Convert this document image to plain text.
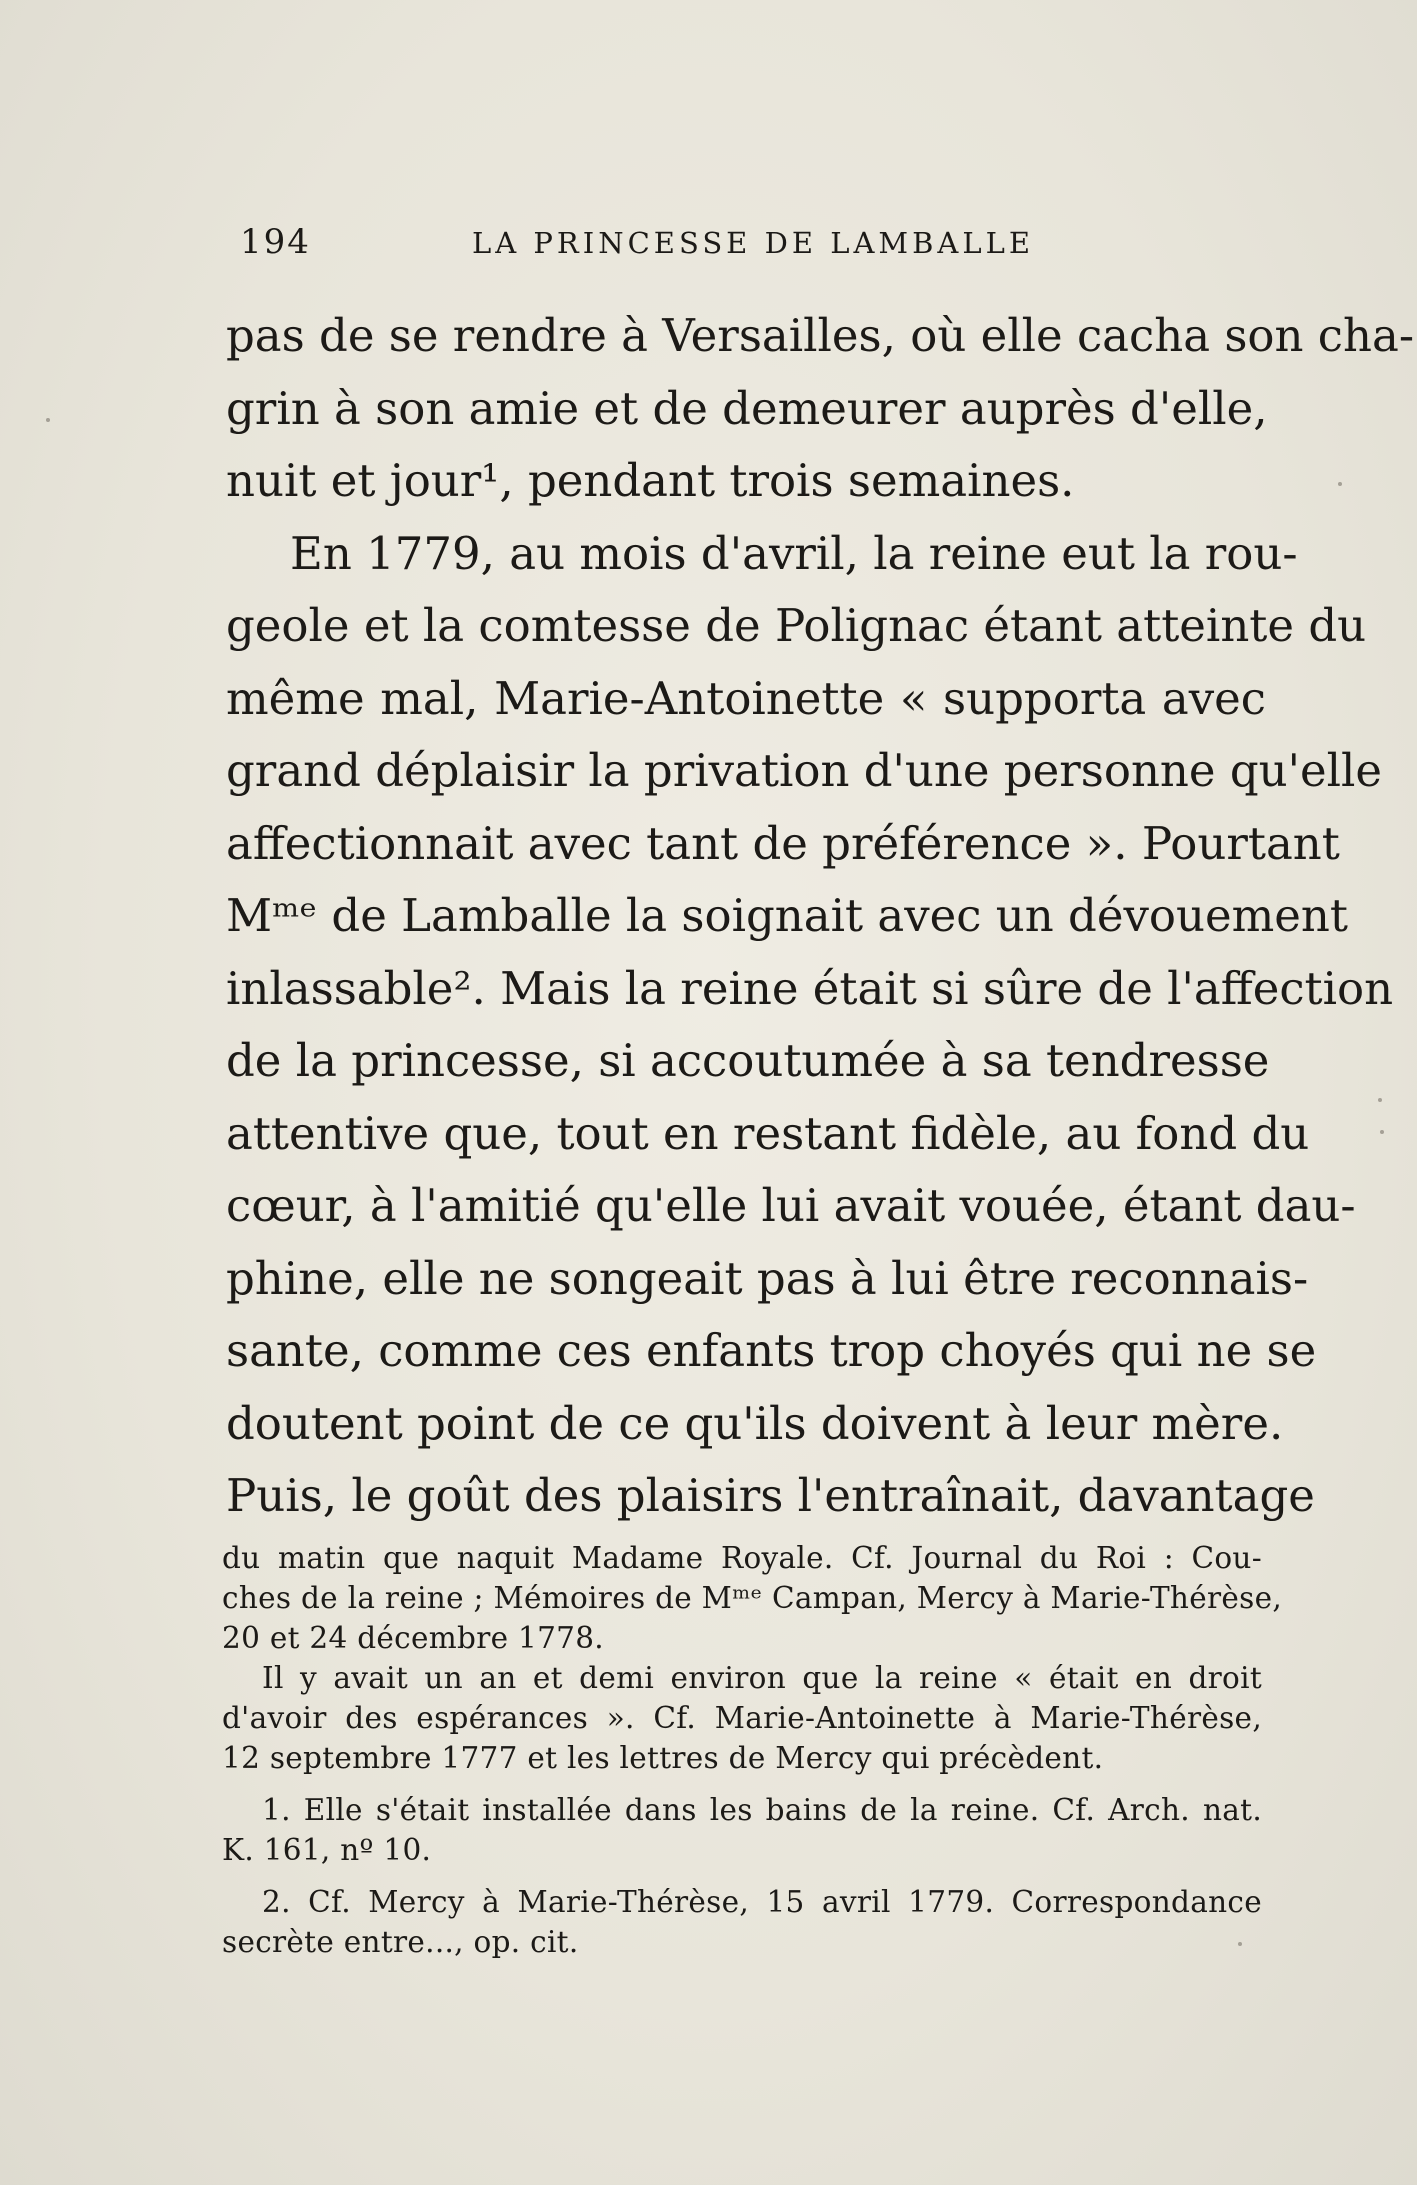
194	LA PRINCESSE DE LAMBALLE
pas de se rendre à Versailles, où elle cacha son cha-
grin à son amie et de demeurer auprès d'elle,
nuit et jour¹, pendant trois semaines.
En 1779, au mois d'avril, la reine eut la rou-
geole et la comtesse de Polignac étant atteinte du
même mal, Marie-Antoinette « supporta avec
grand déplaisir la privation d'une personne qu'elle
affectionnait avec tant de préférence ». Pourtant
Mᵐᵉ de Lamballe la soignait avec un dévouement
inlassable². Mais la reine était si sûre de l'affection
de la princesse, si accoutumée à sa tendresse
attentive que, tout en restant fidèle, au fond du
cœur, à l'amitié qu'elle lui avait vouée, étant dau-
phine, elle ne songeait pas à lui être reconnais-
sante, comme ces enfants trop choyés qui ne se
doutent point de ce qu'ils doivent à leur mère.
Puis, le goût des plaisirs l'entraînait, davantage
du matin que naquit Madame Royale. Cf. Journal du Roi : Cou-
ches de la reine ; Mémoires de Mᵐᵉ Campan, Mercy à Marie-Thérèse,
20 et 24 décembre 1778.
Il y avait un an et demi environ que la reine « était en droit
d'avoir des espérances ». Cf. Marie-Antoinette à Marie-Thérèse,
12 septembre 1777 et les lettres de Mercy qui précèdent.
1. Elle s'était installée dans les bains de la reine. Cf. Arch. nat.
K. 161, nº 10.
2. Cf. Mercy à Marie-Thérèse, 15 avril 1779. Correspondance
secrète entre..., op. cit.
